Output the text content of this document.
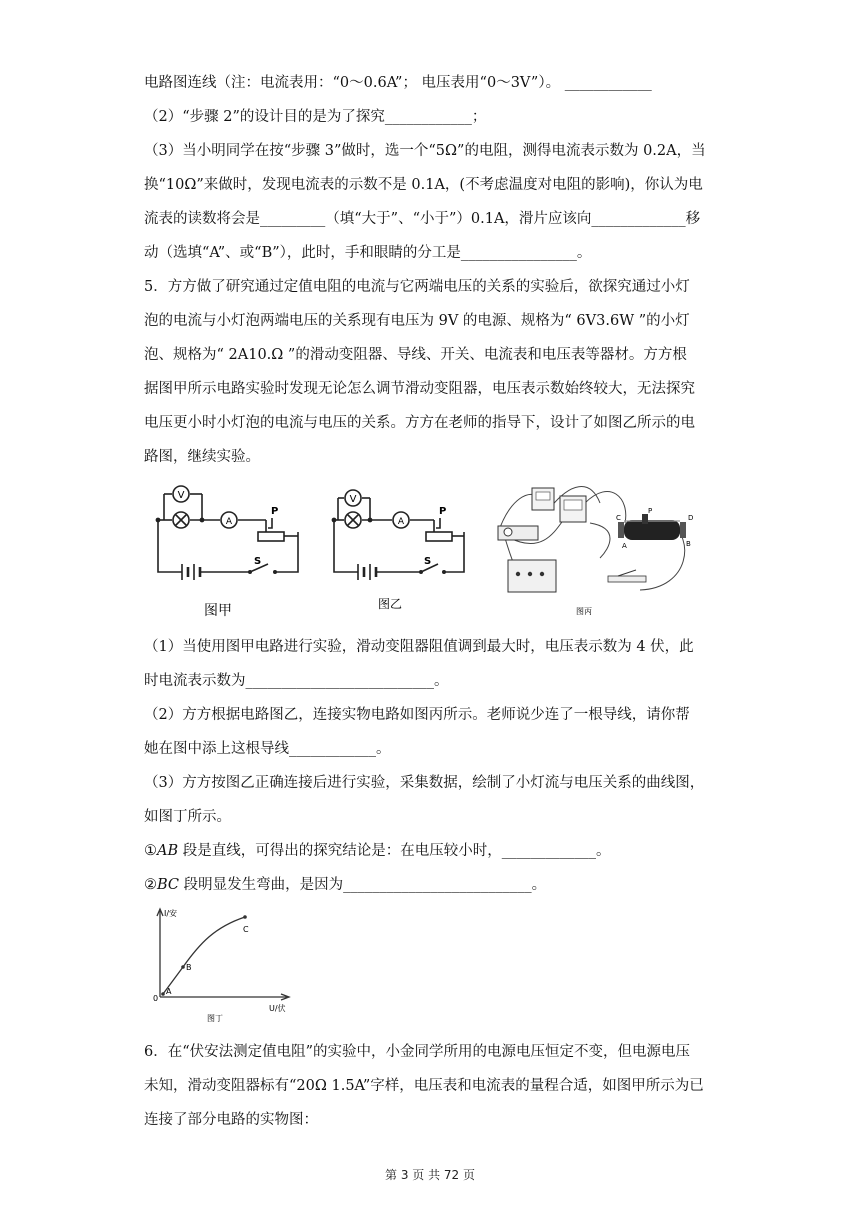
电路图连线（注：电流表用：“0～0.6A”； 电压表用“0～3V”）。 ____________
（2）“步骤 2”的设计目的是为了探究____________；
（3）当小明同学在按“步骤 3”做时，选一个“5Ω”的电阻，测得电流表示数为 0.2A，当
换“10Ω”来做时，发现电流表的示数不是 0.1A，(不考虑温度对电阻的影响)，你认为电
流表的读数将会是_________（填“大于”、“小于”）0.1A，滑片应该向_____________移
动（选填“A”、或“B”），此时，手和眼睛的分工是________________。
5．方方做了研究通过定值电阻的电流与它两端电压的关系的实验后，欲探究通过小灯
泡的电流与小灯泡两端电压的关系现有电压为 9V 的电源、规格为“ 6V3.6W ”的小灯
泡、规格为“ 2A10.Ω ”的滑动变阻器、导线、开关、电流表和电压表等器材。方方根
据图甲所示电路实验时发现无论怎么调节滑动变阻器，电压表示数始终较大，无法探究
电压更小时小灯泡的电流与电压的关系。方方在老师的指导下，设计了如图乙所示的电
路图，继续实验。
V
A
P
S
图甲
V
A
P
S
图乙
C	D
P
A	B
图丙
（1）当使用图甲电路进行实验，滑动变阻器阻值调到最大时，电压表示数为 4 伏，此
时电流表示数为__________________________。
（2）方方根据电路图乙，连接实物电路如图丙所示。老师说少连了一根导线，请你帮
她在图中添上这根导线____________。
（3）方方按图乙正确连接后进行实验，采集数据，绘制了小灯流与电压关系的曲线图，
如图丁所示。
①AB 段是直线，可得出的探究结论是：在电压较小时，_____________。
②BC 段明显发生弯曲，是因为__________________________。
I/安
U/伏
0
A
B
C
图丁
6．在“伏安法测定值电阻”的实验中，小金同学所用的电源电压恒定不变，但电源电压
未知，滑动变阻器标有“20Ω 1.5A”字样，电压表和电流表的量程合适，如图甲所示为已
连接了部分电路的实物图：
第 3 页 共 72 页
